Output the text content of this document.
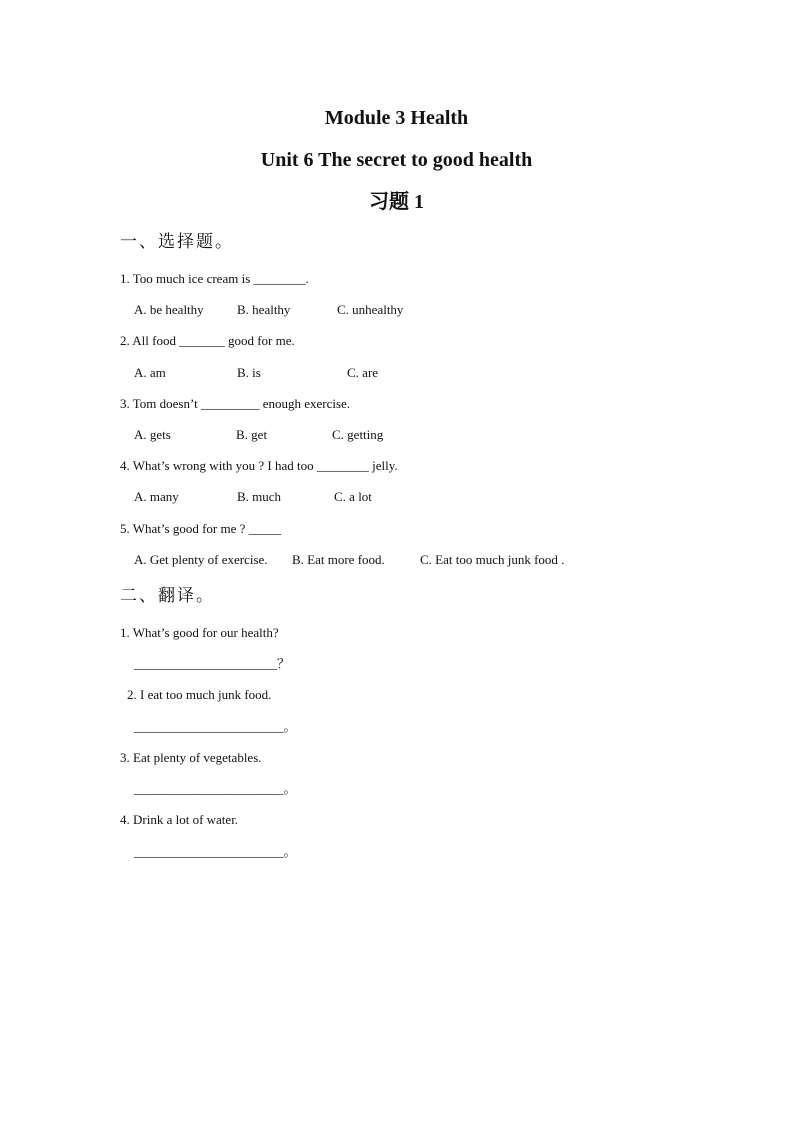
Module 3 Health
Unit 6 The secret to good health
习题 1
一、选择题。
1. Too much ice cream is ________.
A. be healthy	B. healthy	C. unhealthy
2. All food _______ good for me.
A. am	B. is	C. are
3. Tom doesn’t _________ enough exercise.
A. gets	B. get	C. getting
4. What’s wrong with you ? I had too ________ jelly.
A. many	B. much	C. a lot
5. What’s good for me ? _____
A. Get plenty of exercise. B. Eat more food.	C. Eat too much junk food .
二、翻译。
1. What’s good for our health?
______________________？
2. I eat too much junk food.
_______________________。
3. Eat plenty of vegetables.
_______________________。
4. Drink a lot of water.
_______________________。
